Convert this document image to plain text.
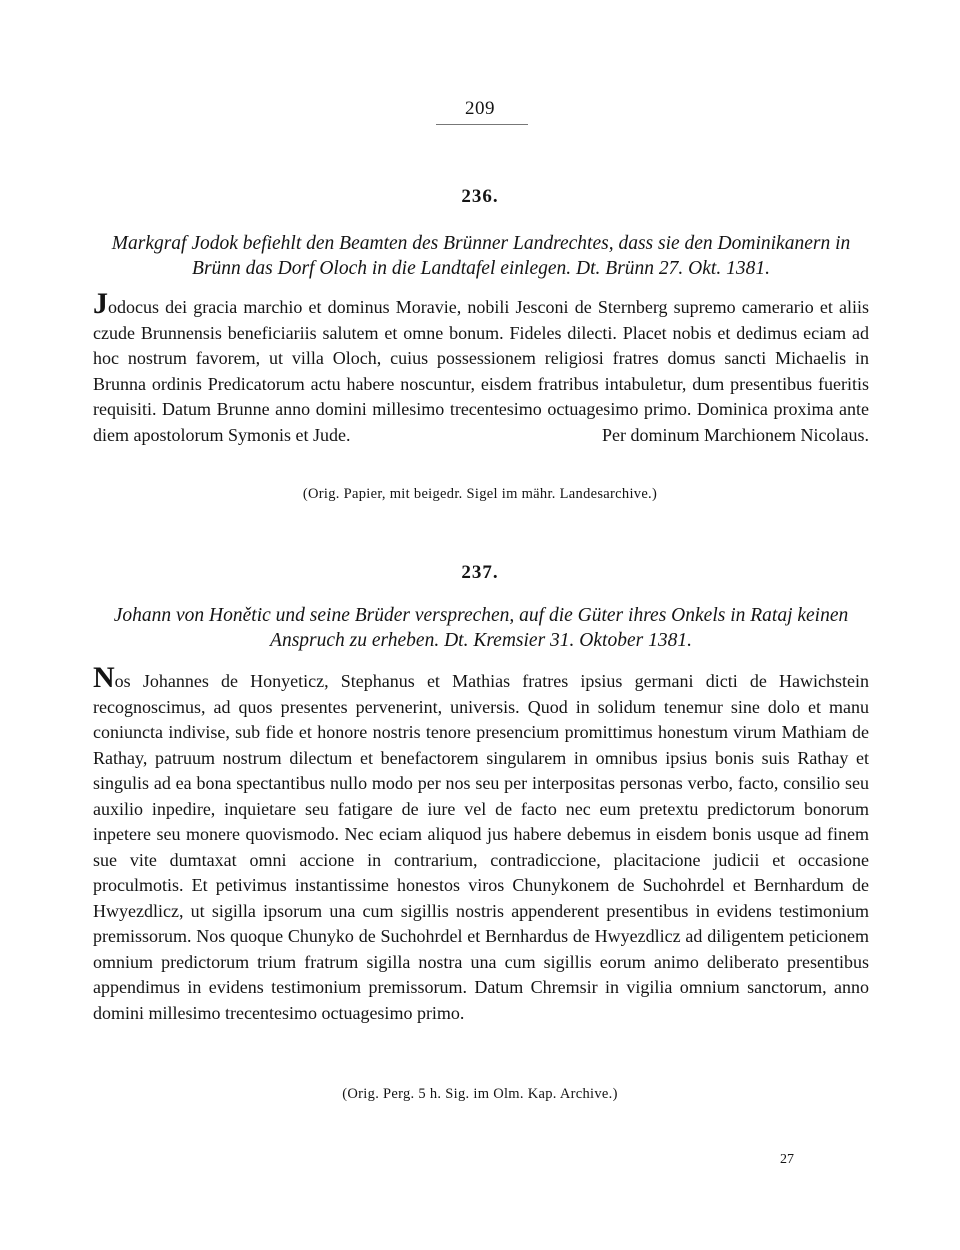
209
236.
Markgraf Jodok befiehlt den Beamten des Brünner Landrechtes, dass sie den Dominikanern in Brünn das Dorf Oloch in die Landtafel einlegen. Dt. Brünn 27. Okt. 1381.
Jodocus dei gracia marchio et dominus Moravie, nobili Jesconi de Sternberg supremo camerario et aliis czude Brunnensis beneficiariis salutem et omne bonum. Fideles dilecti. Placet nobis et dedimus eciam ad hoc nostrum favorem, ut villa Oloch, cuius possessionem religiosi fratres domus sancti Michaelis in Brunna ordinis Predicatorum actu habere noscuntur, eisdem fratribus intabuletur, dum presentibus fueritis requisiti. Datum Brunne anno domini millesimo trecentesimo octuagesimo primo. Dominica proxima ante diem apostolorum Symonis et Jude.	Per dominum Marchionem Nicolaus.
(Orig. Papier, mit beigedr. Sigel im mähr. Landesarchive.)
237.
Johann von Honětic und seine Brüder versprechen, auf die Güter ihres Onkels in Rataj keinen Anspruch zu erheben. Dt. Kremsier 31. Oktober 1381.
Nos Johannes de Honyeticz, Stephanus et Mathias fratres ipsius germani dicti de Hawichstein recognoscimus, ad quos presentes pervenerint, universis. Quod in solidum tenemur sine dolo et manu coniuncta indivise, sub fide et honore nostris tenore presencium promittimus honestum virum Mathiam de Rathay, patruum nostrum dilectum et benefactorem singularem in omnibus ipsius bonis suis Rathay et singulis ad ea bona spectantibus nullo modo per nos seu per interpositas personas verbo, facto, consilio seu auxilio inpedire, inquietare seu fatigare de iure vel de facto nec eum pretextu predictorum bonorum inpetere seu monere quovismodo. Nec eciam aliquod jus habere debemus in eisdem bonis usque ad finem sue vite dumtaxat omni accione in contrarium, contradiccione, placitacione judicii et occasione proculmotis. Et petivimus instantissime honestos viros Chunykonem de Suchohrdel et Bernhardum de Hwyezdlicz, ut sigilla ipsorum una cum sigillis nostris appenderent presentibus in evidens testimonium premissorum. Nos quoque Chunyko de Suchohrdel et Bernhardus de Hwyezdlicz ad diligentem peticionem omnium predictorum trium fratrum sigilla nostra una cum sigillis eorum animo deliberato presentibus appendimus in evidens testimonium premissorum. Datum Chremsir in vigilia omnium sanctorum, anno domini millesimo trecentesimo octuagesimo primo.
(Orig. Perg. 5 h. Sig. im Olm. Kap. Archive.)
27
